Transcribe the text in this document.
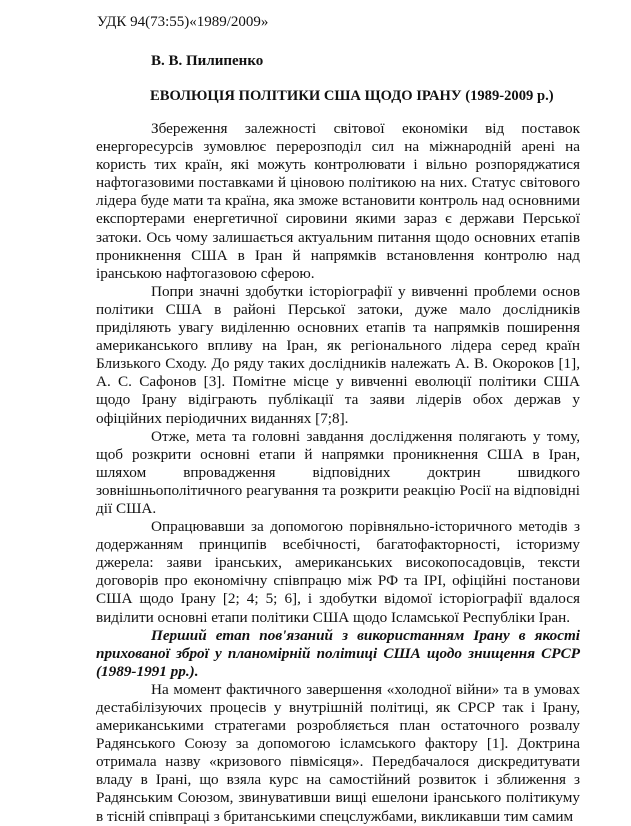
УДК 94(73:55)«1989/2009»
В. В. Пилипенко
ЕВОЛЮЦІЯ ПОЛІТИКИ США ЩОДО ІРАНУ (1989-2009 р.)

Збереження залежності світової економіки від поставок енергоресурсів зумовлює перерозподіл сил на міжнародній арені на користь тих країн, які можуть контролювати і вільно розпоряджатися нафтогазовими поставками й ціновою політикою на них. Статус світового лідера буде мати та країна, яка зможе встановити контроль над основними експортерами енергетичної сировини якими зараз є держави Перської затоки. Ось чому залишається актуальним питання щодо основних етапів проникнення США в Іран й напрямків встановлення контролю над іранською нафтогазовою сферою.

Попри значні здобутки історіографії у вивченні проблеми основ політики США в районі Перської затоки, дуже мало дослідників приділяють увагу виділенню основних етапів та напрямків поширення американського впливу на Іран, як регіонального лідера серед країн Близького Сходу. До ряду таких дослідників належать А. В. Окороков [1], А. С. Сафонов [3]. Помітне місце у вивченні еволюції політики США щодо Ірану відіграють публікації та заяви лідерів обох держав у офіційних періодичних виданнях [7;8].

Отже, мета та головні завдання дослідження полягають у тому, щоб розкрити основні етапи й напрямки проникнення США в Іран, шляхом впровадження відповідних доктрин швидкого зовнішньополітичного реагування та розкрити реакцію Росії на відповідні дії США.

Опрацювавши за допомогою порівняльно-історичного методів з додержанням принципів всебічності, багатофакторності, історизму джерела: заяви іранських, американських високопосадовців, тексти договорів про економічну співпрацю між РФ та ІРІ, офіційні постанови США щодо Ірану [2; 4; 5; 6], і здобутки відомої історіографії вдалося виділити основні етапи політики США щодо Ісламської Республіки Іран.

Перший етап пов'язаний з використанням Ірану в якості прихованої зброї у планомірній політиці США щодо знищення СРСР (1989-1991 рр.).

На момент фактичного завершення «холодної війни» та в умовах дестабілізуючих процесів у внутрішній політиці, як СРСР так і Ірану, американськими стратегами розробляється план остаточного розвалу Радянського Союзу за допомогою ісламського фактору [1]. Доктрина отримала назву «кризового півмісяця». Передбачалося дискредитувати владу в Ірані, що взяла курс на самостійний розвиток і зближення з Радянським Союзом, звинувативши вищі ешелони іранського політикуму в тісній співпраці з британськими спецслужбами, викликавши тим самим
